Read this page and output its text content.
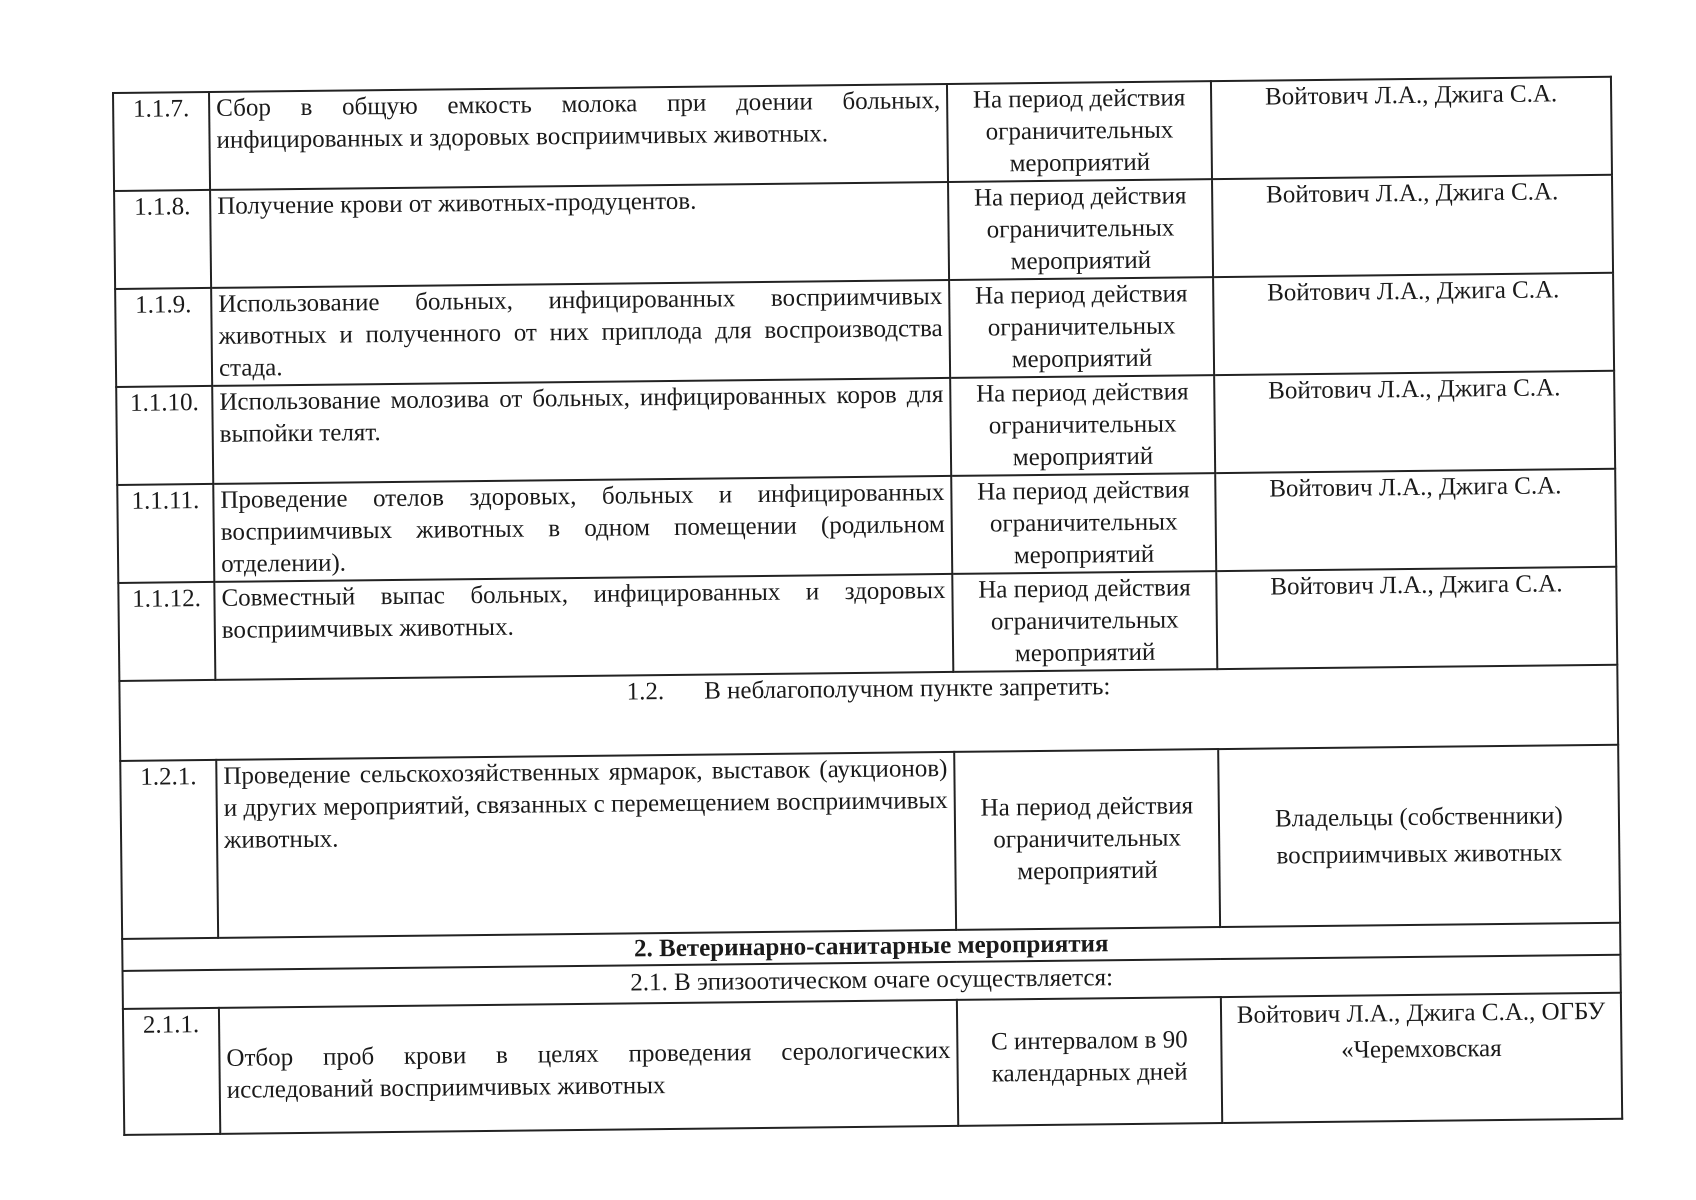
1.1.7.	Сбор в общую емкость молока при доении больных, инфицированных и здоровых восприимчивых животных.	На период действия ограничительных мероприятий	Войтович Л.А., Джига С.А.
1.1.8.	Получение крови от животных-продуцентов.	На период действия ограничительных мероприятий	Войтович Л.А., Джига С.А.
1.1.9.	Использование больных, инфицированных восприимчивых животных и полученного от них приплода для воспроизводства стада.	На период действия ограничительных мероприятий	Войтович Л.А., Джига С.А.
1.1.10.	Использование молозива от больных, инфицированных коров для выпойки телят.	На период действия ограничительных мероприятий	Войтович Л.А., Джига С.А.
1.1.11.	Проведение отелов здоровых, больных и инфицированных восприимчивых животных в одном помещении (родильном отделении).	На период действия ограничительных мероприятий	Войтович Л.А., Джига С.А.
1.1.12.	Совместный выпас больных, инфицированных и здоровых восприимчивых животных.	На период действия ограничительных мероприятий	Войтович Л.А., Джига С.А.
1.2. В неблагополучном пункте запретить:			
1.2.1.	Проведение сельскохозяйственных ярмарок, выставок (аукционов) и других мероприятий, связанных с перемещением восприимчивых животных.	На период действия ограничительных мероприятий	Владельцы (собственники) восприимчивых животных
2. Ветеринарно-санитарные мероприятия			
2.1. В эпизоотическом очаге осуществляется:			
2.1.1.	Отбор проб крови в целях проведения серологических исследований восприимчивых животных	С интервалом в 90 календарных дней	Войтович Л.А., Джига С.А., ОГБУ «Черемховская
